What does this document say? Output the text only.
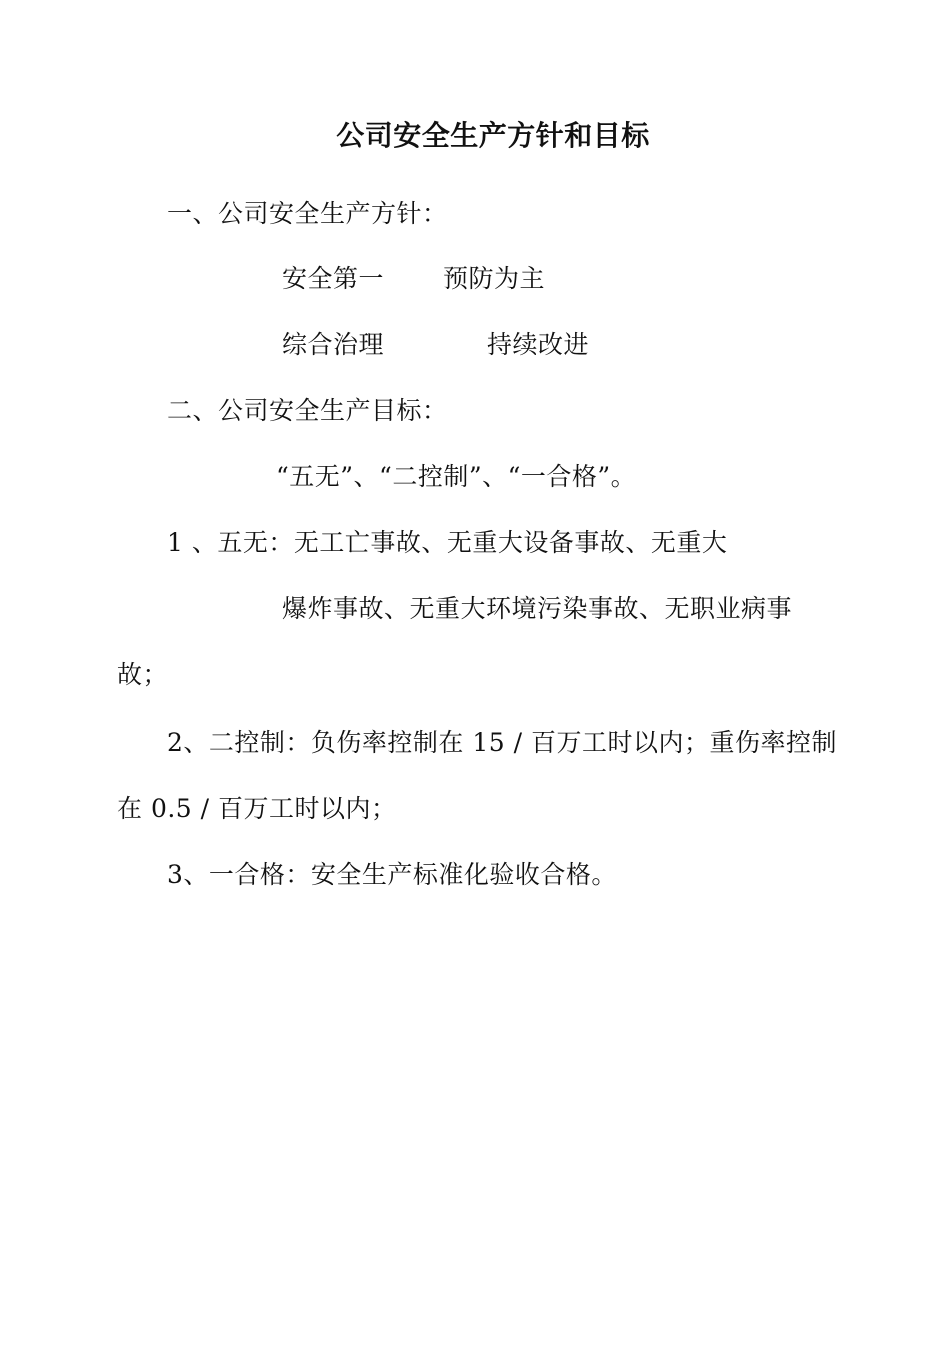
公司安全生产方针和目标
一、公司安全生产方针：
安全第一 预防为主
综合治理	持续改进
二、公司安全生产目标：
“五无”、“二控制”、“一合格”。
1 、五无：无工亡事故、无重大设备事故、无重大
爆炸事故、无重大环境污染事故、无职业病事
故；
2、二控制：负伤率控制在 15 / 百万工时以内；重伤率控制
在 0.5 / 百万工时以内；
3、一合格：安全生产标准化验收合格。
